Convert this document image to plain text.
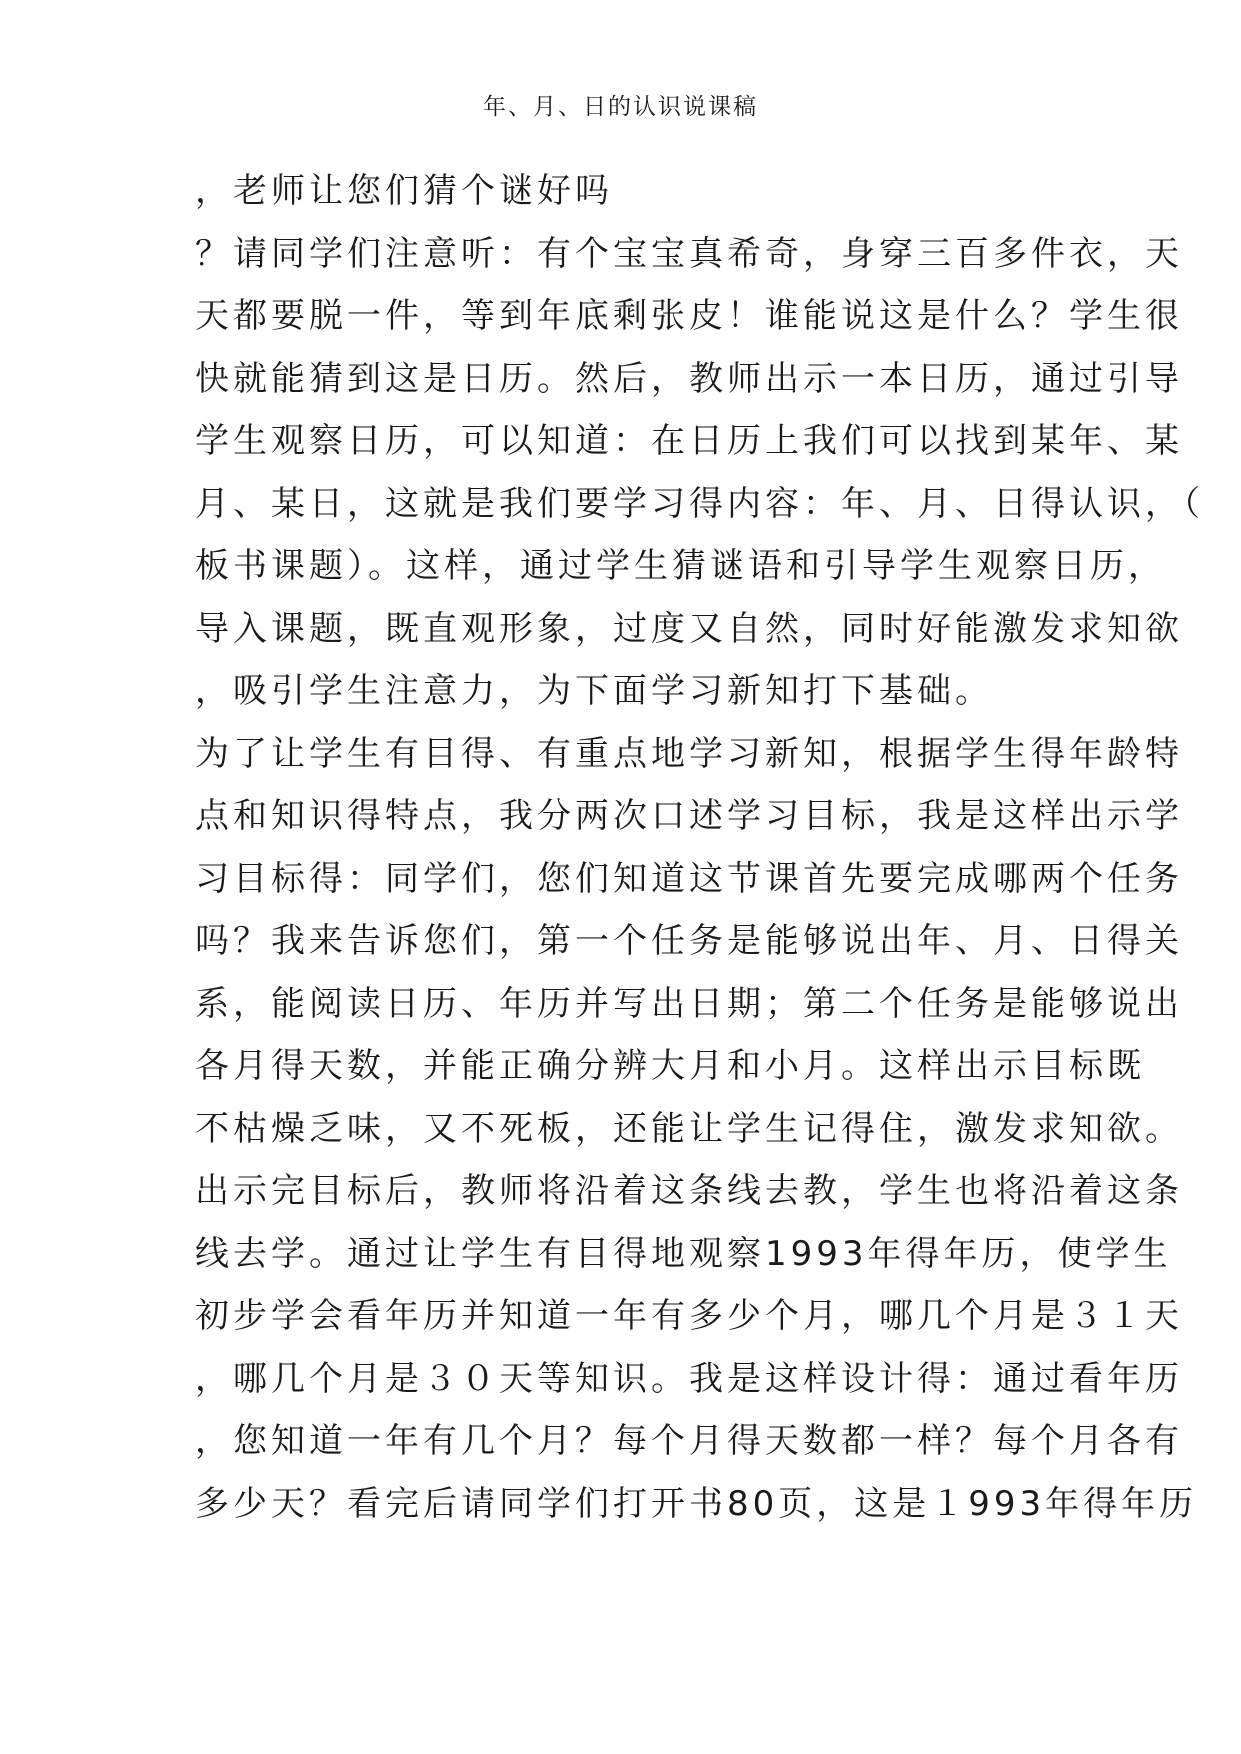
年、月、日的认识说课稿
，老师让您们猜个谜好吗
？请同学们注意听：有个宝宝真希奇，身穿三百多件衣，天
天都要脱一件，等到年底剩张皮！谁能说这是什么？学生很
快就能猜到这是日历。然后，教师出示一本日历，通过引导
学生观察日历，可以知道：在日历上我们可以找到某年、某
月、某日，这就是我们要学习得内容：年、月、日得认识，（
板书课题）。这样，通过学生猜谜语和引导学生观察日历，
导入课题，既直观形象，过度又自然，同时好能激发求知欲
，吸引学生注意力，为下面学习新知打下基础。
为了让学生有目得、有重点地学习新知，根据学生得年龄特
点和知识得特点，我分两次口述学习目标，我是这样出示学
习目标得：同学们，您们知道这节课首先要完成哪两个任务
吗？我来告诉您们，第一个任务是能够说出年、月、日得关
系，能阅读日历、年历并写出日期；第二个任务是能够说出
各月得天数，并能正确分辨大月和小月。这样出示目标既
不枯燥乏味，又不死板，还能让学生记得住，激发求知欲。
出示完目标后，教师将沿着这条线去教，学生也将沿着这条
线去学。通过让学生有目得地观察1993年得年历，使学生
初步学会看年历并知道一年有多少个月，哪几个月是３１天
，哪几个月是３０天等知识。我是这样设计得：通过看年历
，您知道一年有几个月？每个月得天数都一样？每个月各有
多少天？看完后请同学们打开书80页，这是１993年得年历
